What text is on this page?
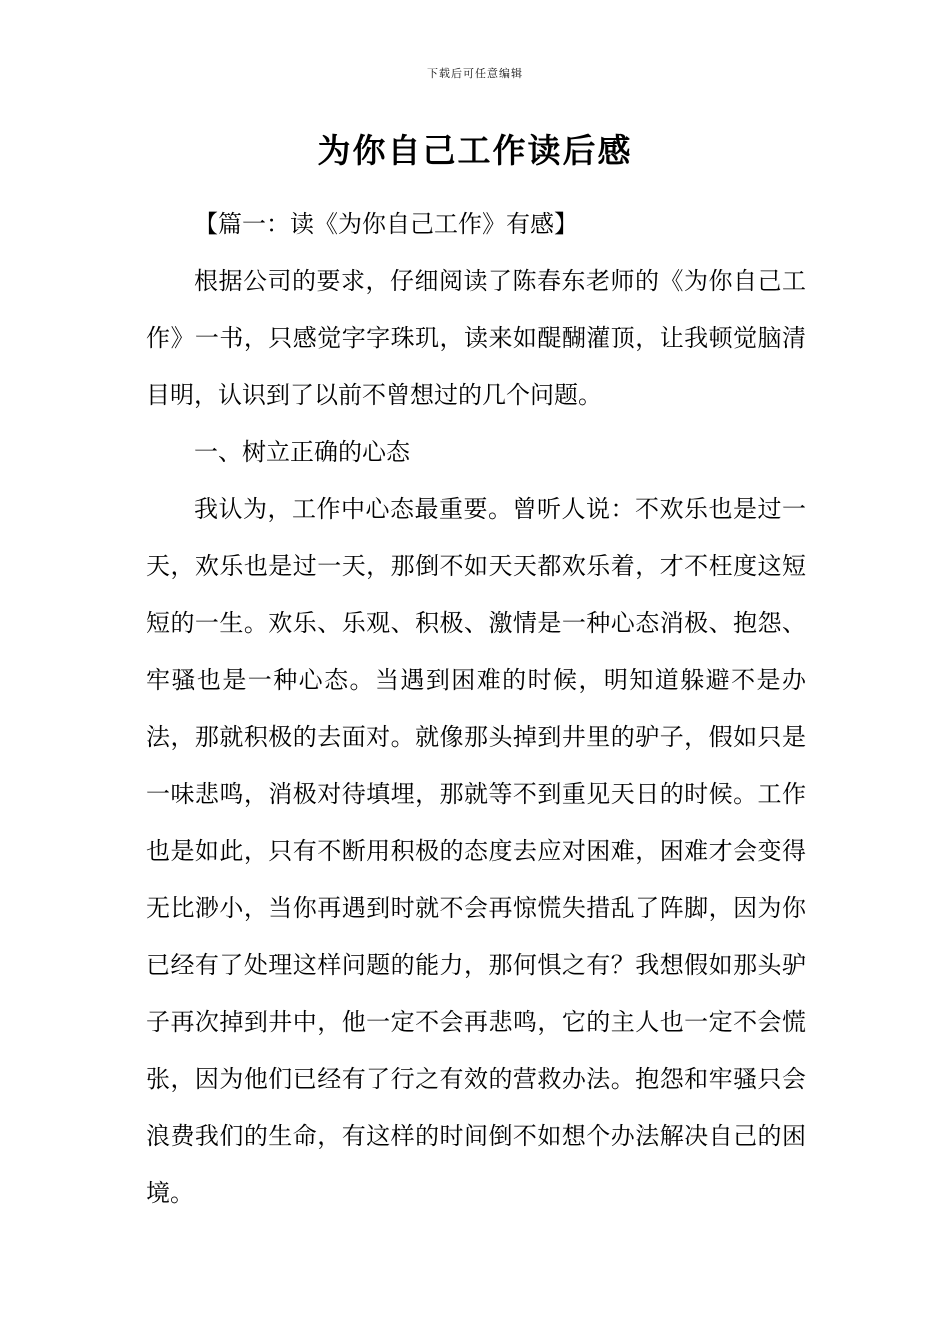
下载后可任意编辑
为你自己工作读后感

【篇一：读《为你自己工作》有感】

根据公司的要求，仔细阅读了陈春东老师的《为你自己工作》一书，只感觉字字珠玑，读来如醍醐灌顶，让我顿觉脑清目明，认识到了以前不曾想过的几个问题。

一、树立正确的心态

我认为，工作中心态最重要。曾听人说：不欢乐也是过一天，欢乐也是过一天，那倒不如天天都欢乐着，才不枉度这短短的一生。欢乐、乐观、积极、激情是一种心态消极、抱怨、牢骚也是一种心态。当遇到困难的时候，明知道躲避不是办法，那就积极的去面对。就像那头掉到井里的驴子，假如只是一味悲鸣，消极对待填埋，那就等不到重见天日的时候。工作也是如此，只有不断用积极的态度去应对困难，困难才会变得无比渺小，当你再遇到时就不会再惊慌失措乱了阵脚，因为你已经有了处理这样问题的能力，那何惧之有？我想假如那头驴子再次掉到井中，他一定不会再悲鸣，它的主人也一定不会慌张，因为他们已经有了行之有效的营救办法。抱怨和牢骚只会浪费我们的生命，有这样的时间倒不如想个办法解决自己的困境。
